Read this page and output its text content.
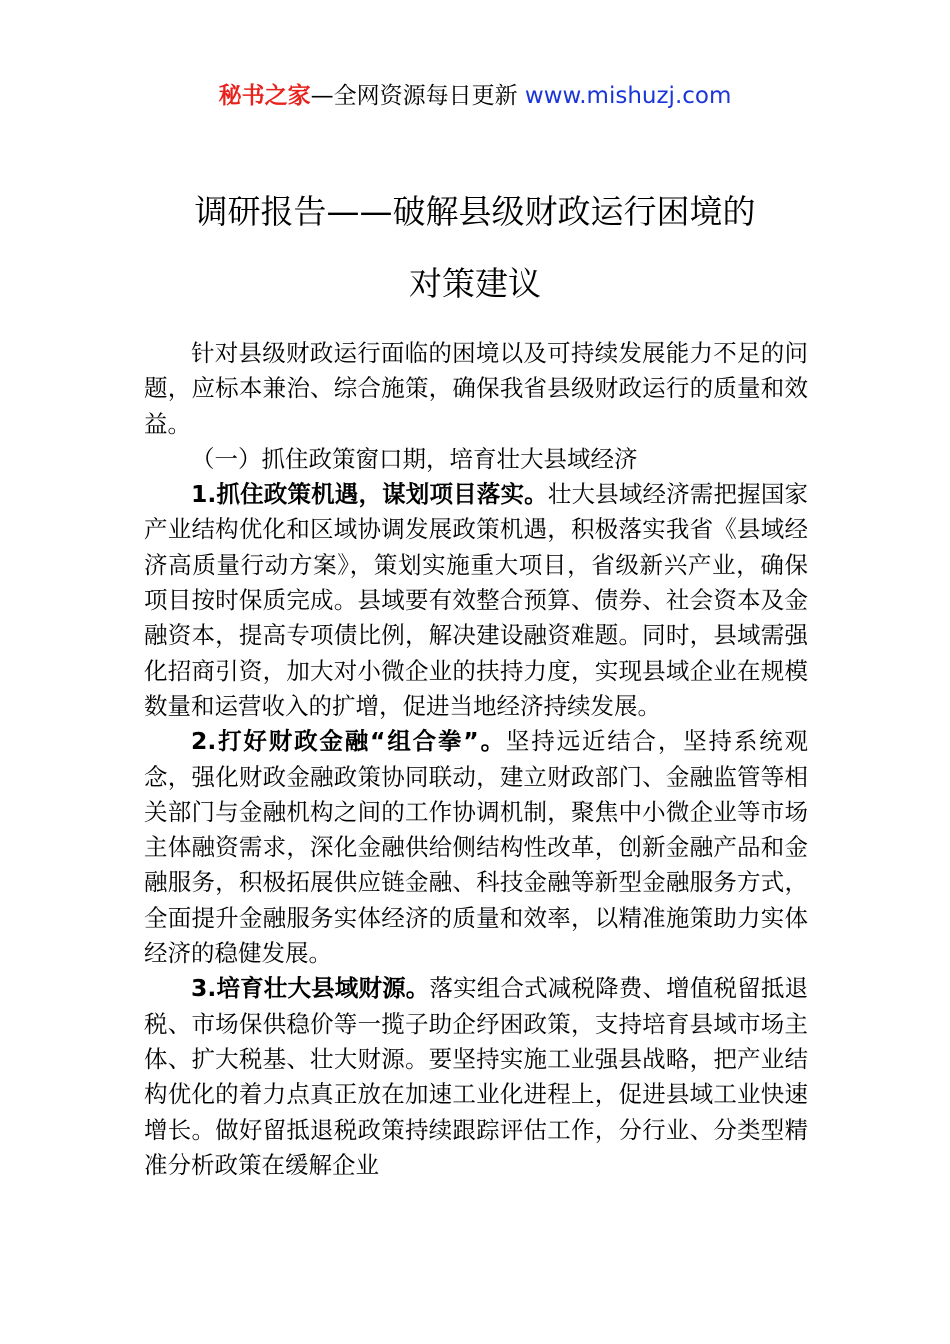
秘书之家—全网资源每日更新 www.mishuzj.com
调研报告——破解县级财政运行困境的
对策建议

针对县级财政运行面临的困境以及可持续发展能力不足的问题，应标本兼治、综合施策，确保我省县级财政运行的质量和效益。

（一）抓住政策窗口期，培育壮大县域经济

1.抓住政策机遇，谋划项目落实。壮大县域经济需把握国家产业结构优化和区域协调发展政策机遇，积极落实我省《县域经济高质量行动方案》，策划实施重大项目，省级新兴产业，确保项目按时保质完成。县域要有效整合预算、债券、社会资本及金融资本，提高专项债比例，解决建设融资难题。同时，县域需强化招商引资，加大对小微企业的扶持力度，实现县域企业在规模数量和运营收入的扩增，促进当地经济持续发展。

2.打好财政金融“组合拳”。坚持远近结合，坚持系统观念，强化财政金融政策协同联动，建立财政部门、金融监管等相关部门与金融机构之间的工作协调机制，聚焦中小微企业等市场主体融资需求，深化金融供给侧结构性改革，创新金融产品和金融服务，积极拓展供应链金融、科技金融等新型金融服务方式，全面提升金融服务实体经济的质量和效率，以精准施策助力实体经济的稳健发展。

3.培育壮大县域财源。落实组合式减税降费、增值税留抵退税、市场保供稳价等一揽子助企纾困政策，支持培育县域市场主体、扩大税基、壮大财源。要坚持实施工业强县战略，把产业结构优化的着力点真正放在加速工业化进程上，促进县域工业快速增长。做好留抵退税政策持续跟踪评估工作，分行业、分类型精准分析政策在缓解企业
